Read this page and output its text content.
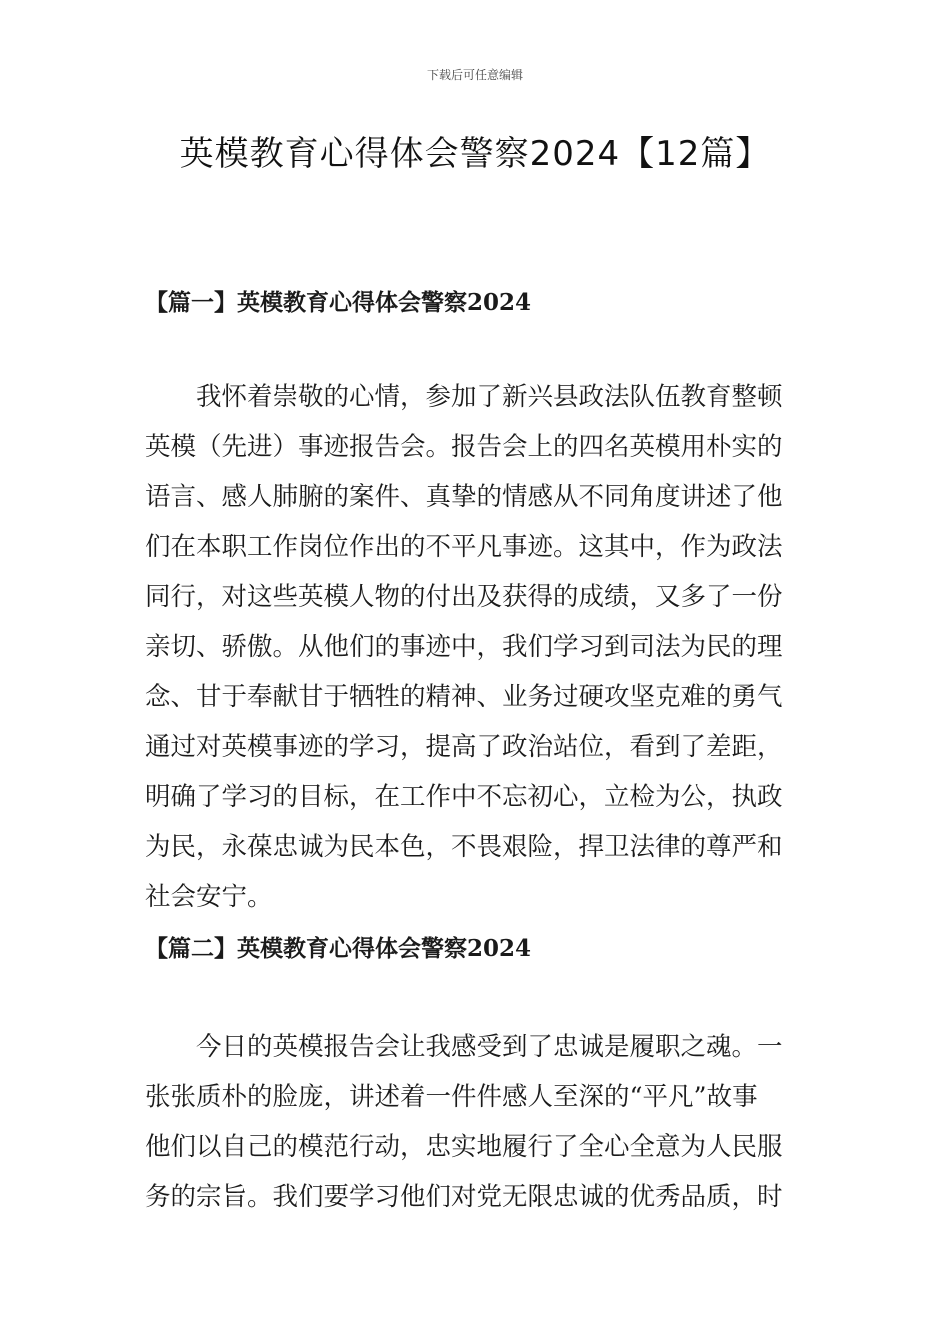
下载后可任意编辑
英模教育心得体会警察2024【12篇】
【篇一】英模教育心得体会警察2024
我怀着崇敬的心情，参加了新兴县政法队伍教育整顿
英模（先进）事迹报告会。报告会上的四名英模用朴实的
语言、感人肺腑的案件、真挚的情感从不同角度讲述了他
们在本职工作岗位作出的不平凡事迹。这其中，作为政法
同行，对这些英模人物的付出及获得的成绩，又多了一份
亲切、骄傲。从他们的事迹中，我们学习到司法为民的理
念、甘于奉献甘于牺牲的精神、业务过硬攻坚克难的勇气
通过对英模事迹的学习，提高了政治站位，看到了差距，
明确了学习的目标，在工作中不忘初心，立检为公，执政
为民，永葆忠诚为民本色，不畏艰险，捍卫法律的尊严和
社会安宁。
【篇二】英模教育心得体会警察2024
今日的英模报告会让我感受到了忠诚是履职之魂。一
张张质朴的脸庞，讲述着一件件感人至深的“平凡”故事
他们以自己的模范行动，忠实地履行了全心全意为人民服
务的宗旨。我们要学习他们对党无限忠诚的优秀品质，时
